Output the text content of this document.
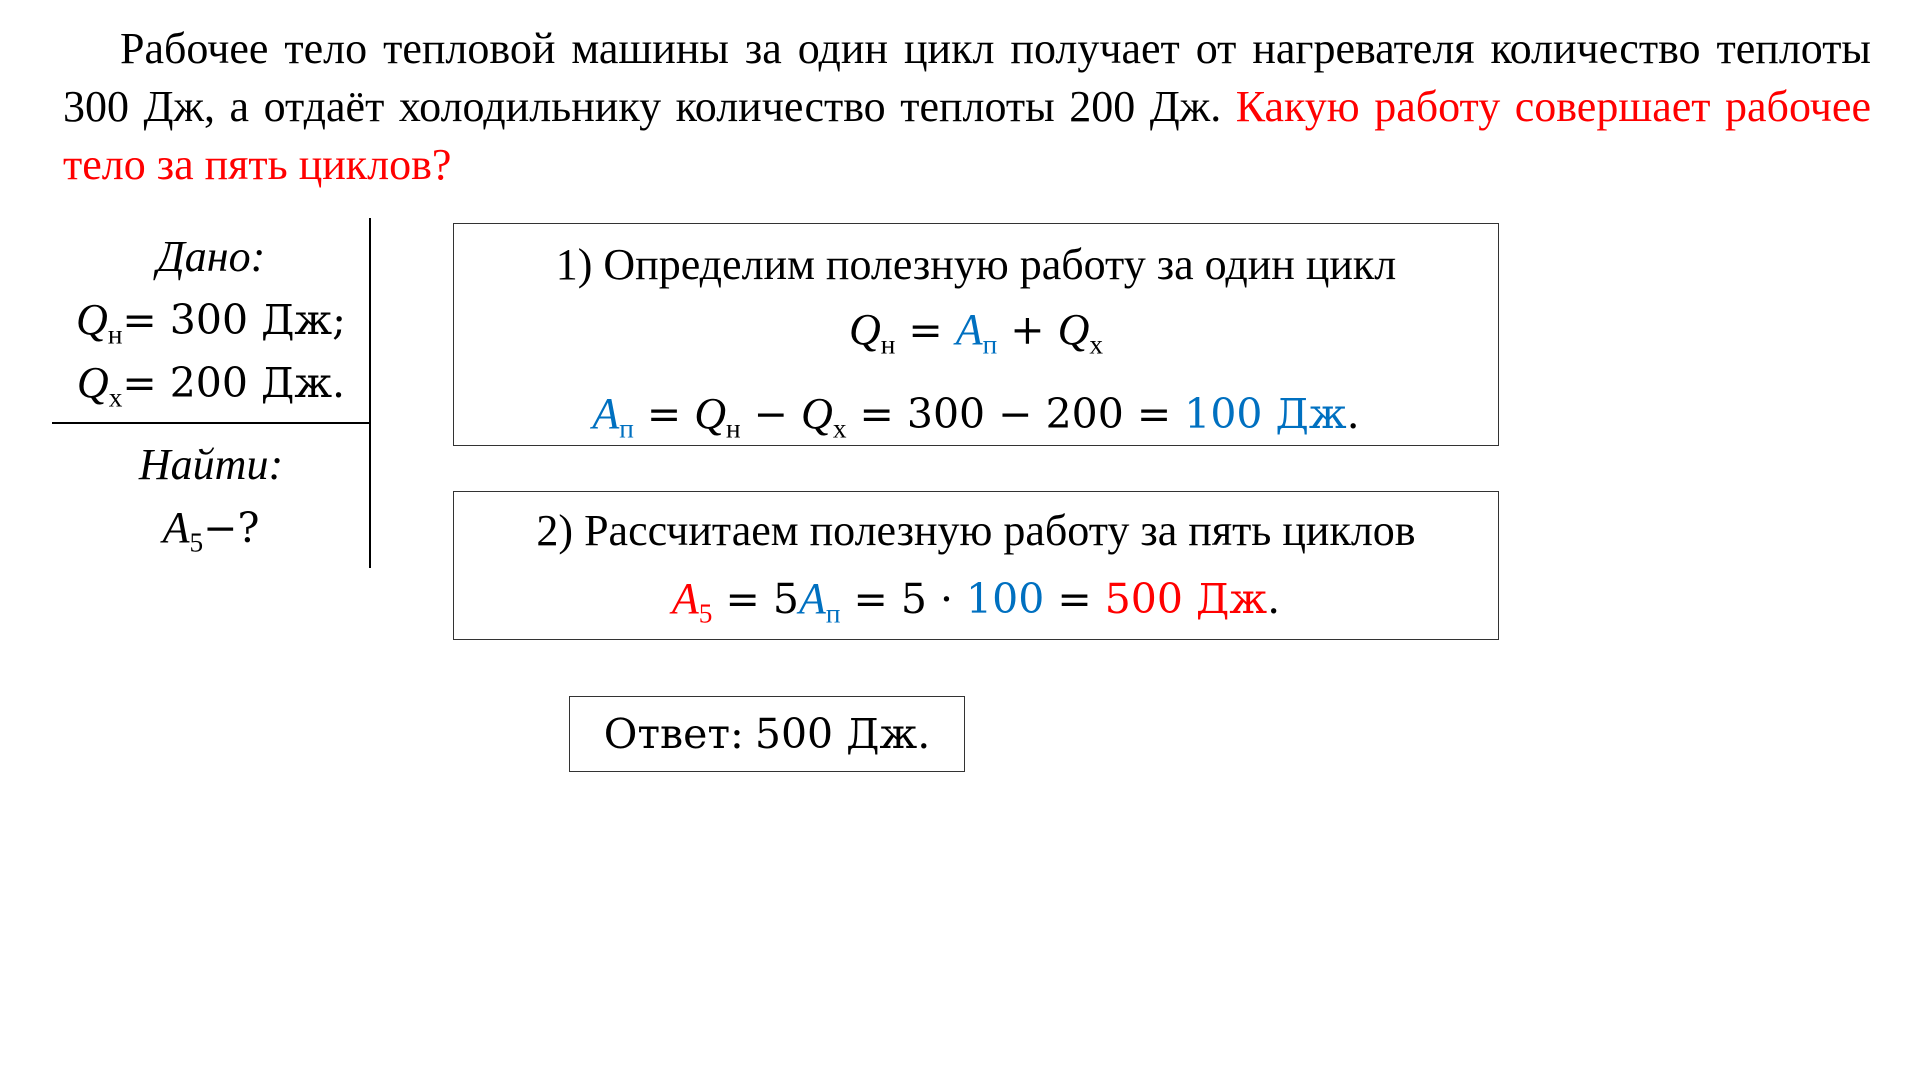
Рабочее тело тепловой машины за один цикл получает от нагревателя количество теплоты 300 Дж, а отдаёт холодильнику количество теплоты 200 Дж. Какую работу совершает рабочее тело за пять циклов?

Дано:
$Q_н= 300$ Дж;
$Q_х= 200$ Дж.
Найти:
$A_5-$?
1) Определим полезную работу за один цикл
$Q_н = A_п + Q_х$
$A_п = Q_н - Q_х = 300 - 200 = 100$ Дж.
2) Рассчитаем полезную работу за пять циклов
$A_5 = 5A_п = 5 \cdot 100 = 500$ Дж.
Ответ: 500 Дж.
